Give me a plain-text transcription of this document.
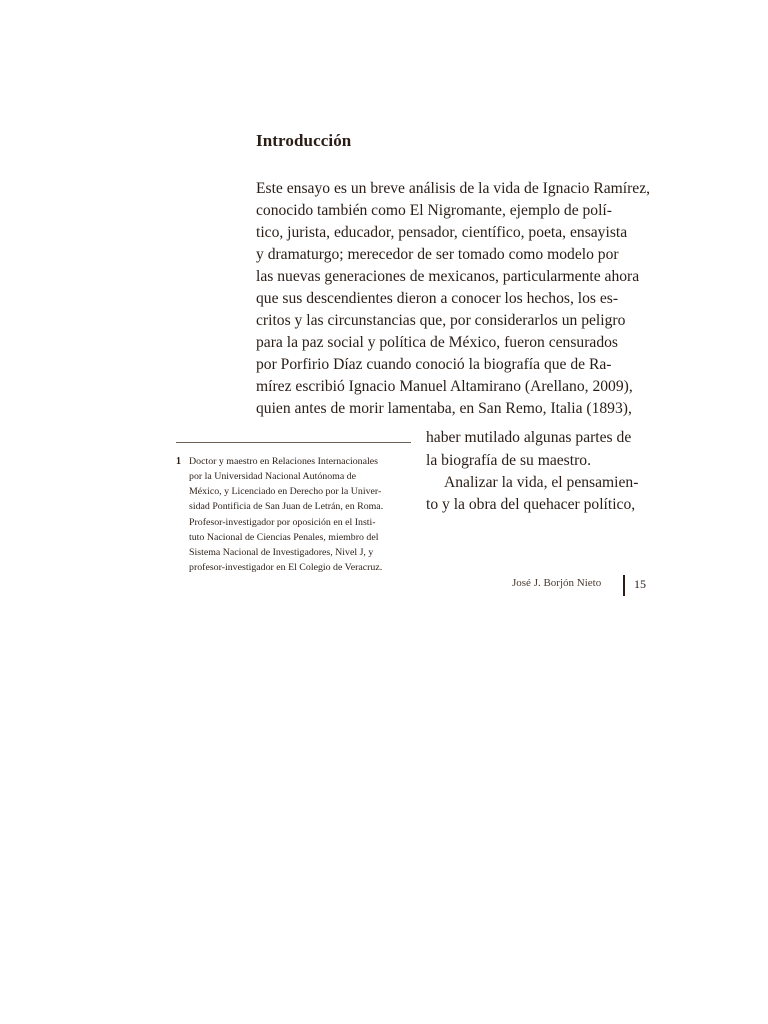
Introducción
Este ensayo es un breve análisis de la vida de Ignacio Ramírez,
conocido también como El Nigromante, ejemplo de polí-
tico, jurista, educador, pensador, científico, poeta, ensayista
y dramaturgo; merecedor de ser tomado como modelo por
las nuevas generaciones de mexicanos, particularmente ahora
que sus descendientes dieron a conocer los hechos, los es-
critos y las circunstancias que, por considerarlos un peligro
para la paz social y política de México, fueron censurados
por Porfirio Díaz cuando conoció la biografía que de Ra-
mírez escribió Ignacio Manuel Altamirano (Arellano, 2009),
quien antes de morir lamentaba, en San Remo, Italia (1893),
haber mutilado algunas partes de
la biografía de su maestro.
Analizar la vida, el pensamien-
to y la obra del quehacer político,
1 Doctor y maestro en Relaciones Internacionales
por la Universidad Nacional Autónoma de
México, y Licenciado en Derecho por la Univer-
sidad Pontificia de San Juan de Letrán, en Roma.
Profesor-investigador por oposición en el Insti-
tuto Nacional de Ciencias Penales, miembro del
Sistema Nacional de Investigadores, Nivel J, y
profesor-investigador en El Colegio de Veracruz.
José J. Borjón Nieto	15
